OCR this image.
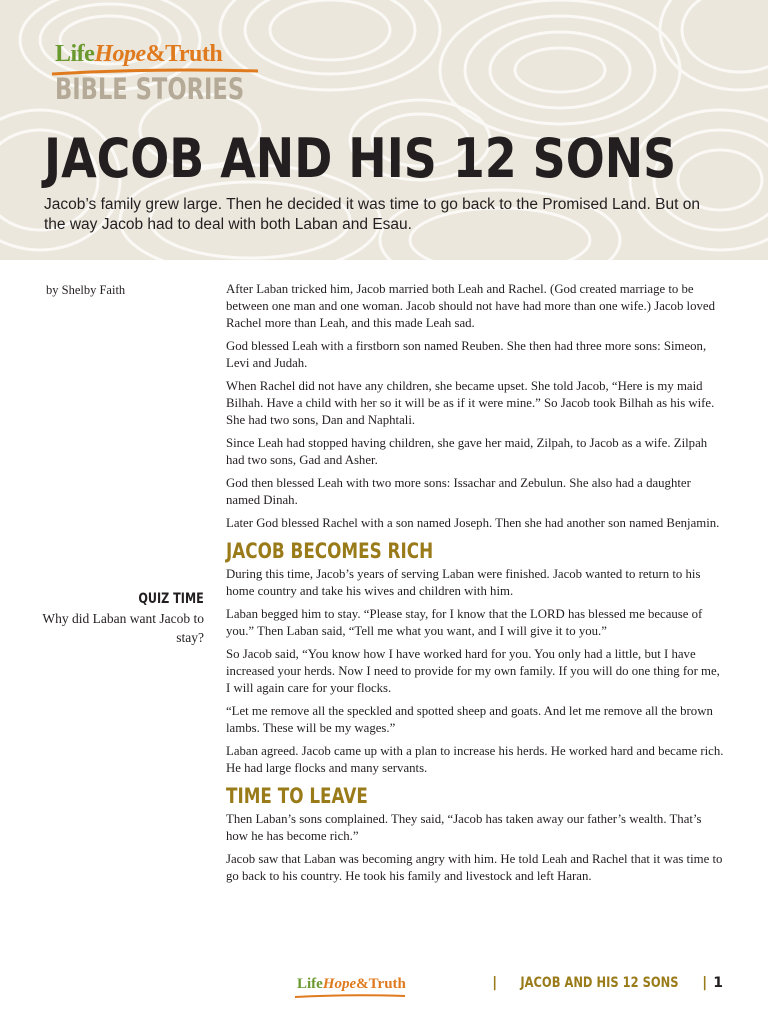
LifeHope&Truth
BIBLE STORIES
JACOB AND HIS 12 SONS
Jacob’s family grew large. Then he decided it was time to go back to the Promised Land. But on the way Jacob had to deal with both Laban and Esau.
by Shelby Faith
QUIZ TIME
Why did Laban want Jacob to stay?

After Laban tricked him, Jacob married both Leah and Rachel. (God created marriage to be between one man and one woman. Jacob should not have had more than one wife.) Jacob loved Rachel more than Leah, and this made Leah sad.

God blessed Leah with a firstborn son named Reuben. She then had three more sons: Simeon, Levi and Judah.

When Rachel did not have any children, she became upset. She told Jacob, “Here is my maid Bilhah. Have a child with her so it will be as if it were mine.” So Jacob took Bilhah as his wife. She had two sons, Dan and Naphtali.

Since Leah had stopped having children, she gave her maid, Zilpah, to Jacob as a wife. Zilpah had two sons, Gad and Asher.

God then blessed Leah with two more sons: Issachar and Zebulun. She also had a daughter named Dinah.

Later God blessed Rachel with a son named Joseph. Then she had another son named Benjamin.

JACOB BECOMES RICH

During this time, Jacob’s years of serving Laban were finished. Jacob wanted to return to his home country and take his wives and children with him.

Laban begged him to stay. “Please stay, for I know that the LORD has blessed me because of you.” Then Laban said, “Tell me what you want, and I will give it to you.”

So Jacob said, “You know how I have worked hard for you. You only had a little, but I have increased your herds. Now I need to provide for my own family. If you will do one thing for me, I will again care for your flocks.

“Let me remove all the speckled and spotted sheep and goats. And let me remove all the brown lambs. These will be my wages.”

Laban agreed. Jacob came up with a plan to increase his herds. He worked hard and became rich. He had large flocks and many servants.

TIME TO LEAVE

Then Laban’s sons complained. They said, “Jacob has taken away our father’s wealth. That’s how he has become rich.”

Jacob saw that Laban was becoming angry with him. He told Leah and Rachel that it was time to go back to his country. He took his family and livestock and left Haran.

LifeHope&Truth	| JACOB AND HIS 12 SONS | 1
